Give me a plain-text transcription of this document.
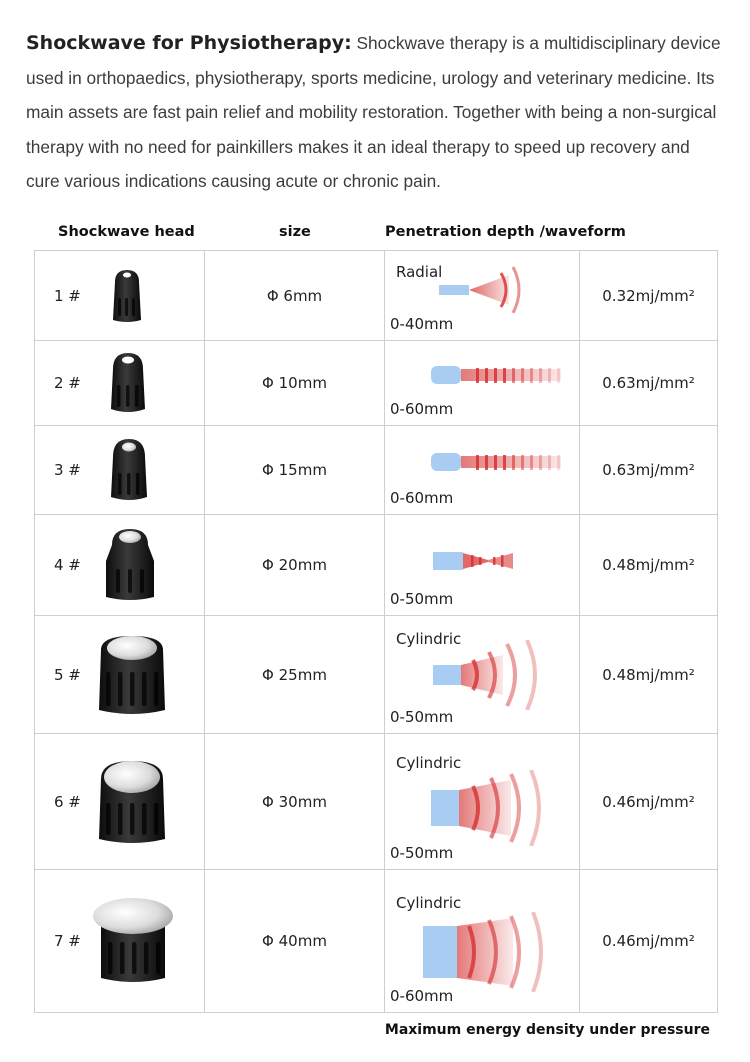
Shockwave for Physiotherapy: Shockwave therapy is a multidisciplinary device used in orthopaedics, physiotherapy, sports medicine, urology and veterinary medicine. Its main assets are fast pain relief and mobility restoration. Together with being a non-surgical therapy with no need for painkillers makes it an ideal therapy to speed up recovery and cure various indications causing acute or chronic pain.
Shockwave head	size	Penetration depth /waveform
1 #	Φ 6mm	Radial
0-40mm	0.32mj/mm²

2 #	Φ 10mm	0-60mm	0.63mj/mm²

3 #	Φ 15mm	0-60mm	0.63mj/mm²

4 #	Φ 20mm	0-50mm	0.48mj/mm²

5 #	Φ 25mm	Cylindric
0-50mm	0.48mj/mm²

6 #	Φ 30mm	Cylindric
0-50mm	0.46mj/mm²

7 #	Φ 40mm	Cylindric
0-60mm	0.46mj/mm²
Maximum energy density under pressure
